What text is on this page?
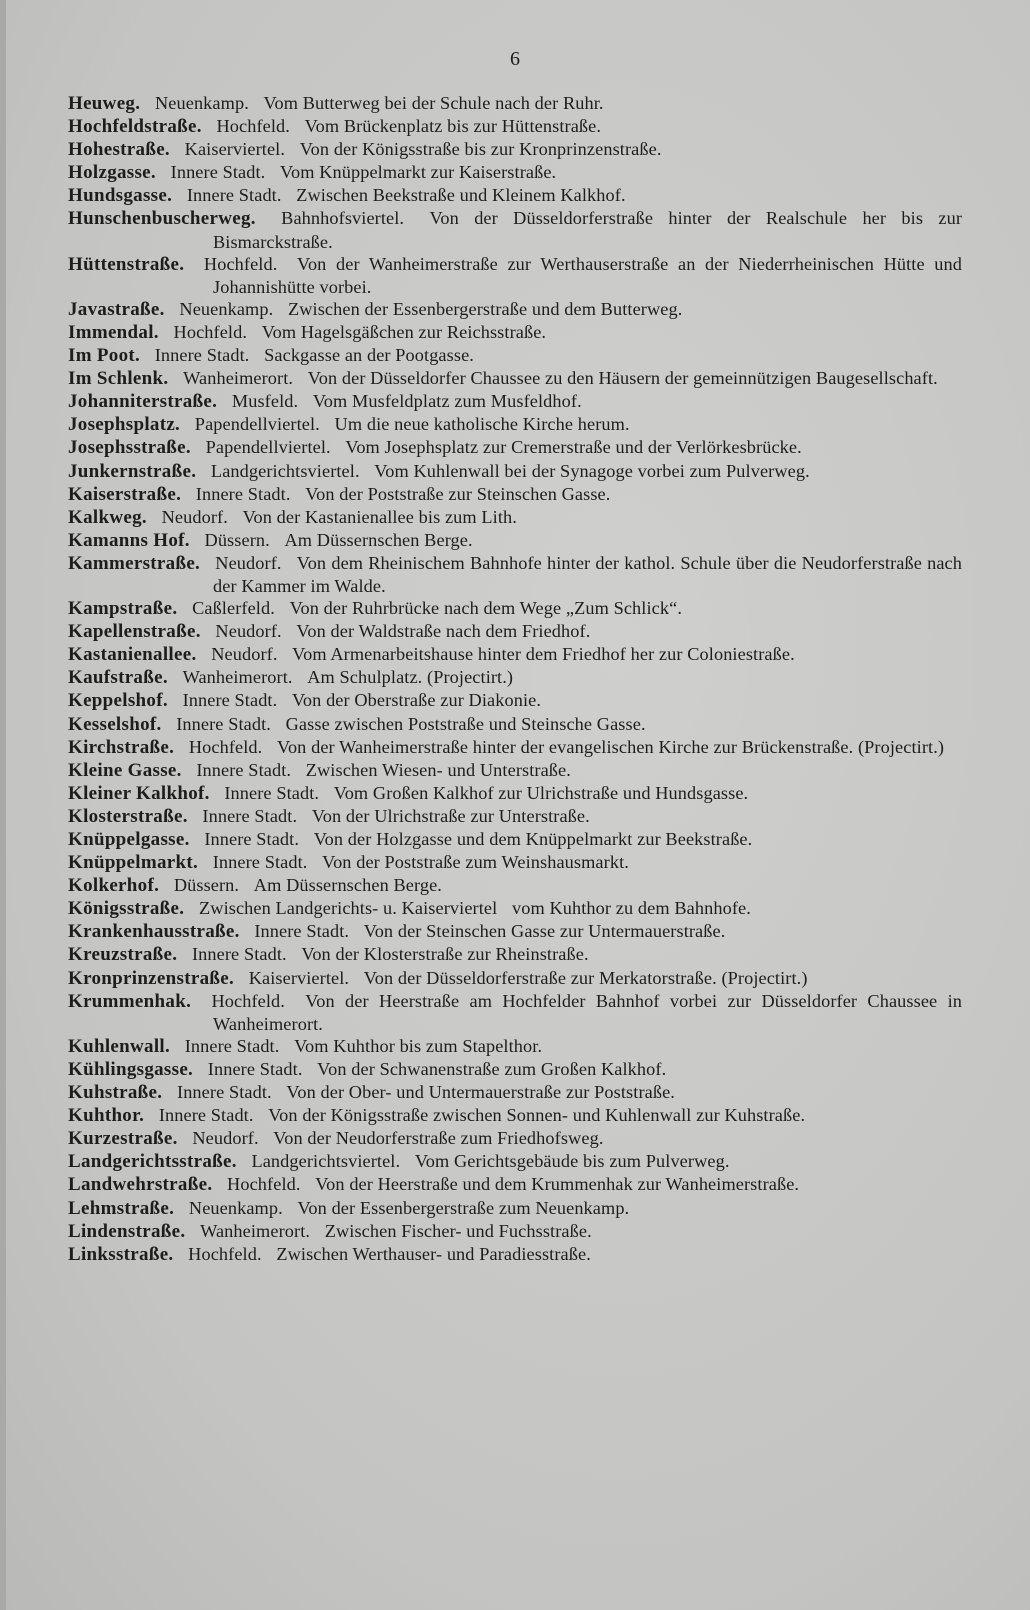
6
Heuweg. Neuenkamp. Vom Butterweg bei der Schule nach der Ruhr.
Hochfeldstraße. Hochfeld. Vom Brückenplatz bis zur Hüttenstraße.
Hohestraße. Kaiserviertel. Von der Königsstraße bis zur Kronprinzenstraße.
Holzgasse. Innere Stadt. Vom Knüppelmarkt zur Kaiserstraße.
Hundsgasse. Innere Stadt. Zwischen Beekstraße und Kleinem Kalkhof.
Hunschenbuscherweg. Bahnhofsviertel. Von der Düsseldorferstraße hinter der Realschule her bis zur Bismarckstraße.
Hüttenstraße. Hochfeld. Von der Wanheimerstraße zur Werthauserstraße an der Niederrheinischen Hütte und Johannishütte vorbei.
Javastraße. Neuenkamp. Zwischen der Essenbergerstraße und dem Butterweg.
Immendal. Hochfeld. Vom Hagelsgäßchen zur Reichsstraße.
Im Poot. Innere Stadt. Sackgasse an der Pootgasse.
Im Schlenk. Wanheimerort. Von der Düsseldorfer Chaussee zu den Häusern der gemeinnützigen Baugesellschaft.
Johanniterstraße. Musfeld. Vom Musfeldplatz zum Musfeldhof.
Josephsplatz. Papendellviertel. Um die neue katholische Kirche herum.
Josephsstraße. Papendellviertel. Vom Josephsplatz zur Cremerstraße und der Verlörkesbrücke.
Junkernstraße. Landgerichtsviertel. Vom Kuhlenwall bei der Synagoge vorbei zum Pulverweg.
Kaiserstraße. Innere Stadt. Von der Poststraße zur Steinschen Gasse.
Kalkweg. Neudorf. Von der Kastanienallee bis zum Lith.
Kamanns Hof. Düssern. Am Düssernschen Berge.
Kammerstraße. Neudorf. Von dem Rheinischem Bahnhofe hinter der kathol. Schule über die Neudorferstraße nach der Kammer im Walde.
Kampstraße. Caßlerfeld. Von der Ruhrbrücke nach dem Wege „Zum Schlick“.
Kapellenstraße. Neudorf. Von der Waldstraße nach dem Friedhof.
Kastanienallee. Neudorf. Vom Armenarbeitshause hinter dem Friedhof her zur Coloniestraße.
Kaufstraße. Wanheimerort. Am Schulplatz. (Projectirt.)
Keppelshof. Innere Stadt. Von der Oberstraße zur Diakonie.
Kesselshof. Innere Stadt. Gasse zwischen Poststraße und Steinsche Gasse.
Kirchstraße. Hochfeld. Von der Wanheimerstraße hinter der evangelischen Kirche zur Brückenstraße. (Projectirt.)
Kleine Gasse. Innere Stadt. Zwischen Wiesen- und Unterstraße.
Kleiner Kalkhof. Innere Stadt. Vom Großen Kalkhof zur Ulrichstraße und Hundsgasse.
Klosterstraße. Innere Stadt. Von der Ulrichstraße zur Unterstraße.
Knüppelgasse. Innere Stadt. Von der Holzgasse und dem Knüppelmarkt zur Beekstraße.
Knüppelmarkt. Innere Stadt. Von der Poststraße zum Weinshausmarkt.
Kolkerhof. Düssern. Am Düssernschen Berge.
Königsstraße. Zwischen Landgerichts- u. Kaiserviertel vom Kuhthor zu dem Bahnhofe.
Krankenhausstraße. Innere Stadt. Von der Steinschen Gasse zur Untermauerstraße.
Kreuzstraße. Innere Stadt. Von der Klosterstraße zur Rheinstraße.
Kronprinzenstraße. Kaiserviertel. Von der Düsseldorferstraße zur Merkatorstraße. (Projectirt.)
Krummenhak. Hochfeld. Von der Heerstraße am Hochfelder Bahnhof vorbei zur Düsseldorfer Chaussee in Wanheimerort.
Kuhlenwall. Innere Stadt. Vom Kuhthor bis zum Stapelthor.
Kühlingsgasse. Innere Stadt. Von der Schwanenstraße zum Großen Kalkhof.
Kuhstraße. Innere Stadt. Von der Ober- und Untermauerstraße zur Poststraße.
Kuhthor. Innere Stadt. Von der Königsstraße zwischen Sonnen- und Kuhlenwall zur Kuhstraße.
Kurzestraße. Neudorf. Von der Neudorferstraße zum Friedhofsweg.
Landgerichtsstraße. Landgerichtsviertel. Vom Gerichtsgebäude bis zum Pulverweg.
Landwehrstraße. Hochfeld. Von der Heerstraße und dem Krummenhak zur Wanheimerstraße.
Lehmstraße. Neuenkamp. Von der Essenbergerstraße zum Neuenkamp.
Lindenstraße. Wanheimerort. Zwischen Fischer- und Fuchsstraße.
Linksstraße. Hochfeld. Zwischen Werthauser- und Paradiesstraße.
